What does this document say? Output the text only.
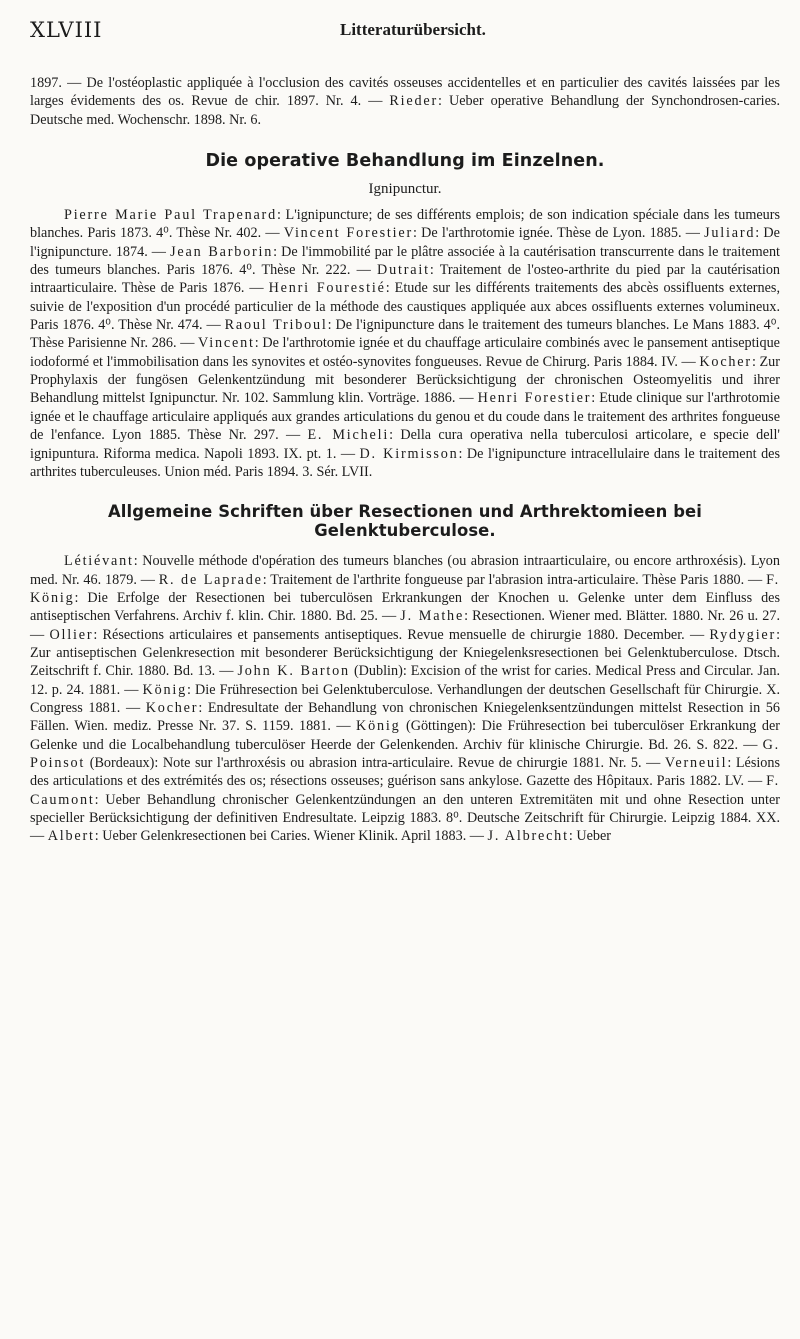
XLVIII	Litteraturübersicht.

1897. — De l'ostéoplastic appliquée à l'occlusion des cavités osseuses accidentelles et en particulier des cavités laissées par les larges évidements des os. Revue de chir. 1897. Nr. 4. — Rieder: Ueber operative Behandlung der Synchondrosen-caries. Deutsche med. Wochenschr. 1898. Nr. 6.

Die operative Behandlung im Einzelnen.
Ignipunctur.

Pierre Marie Paul Trapenard: L'ignipuncture; de ses différents emplois; de son indication spéciale dans les tumeurs blanches. Paris 1873. 4⁰. Thèse Nr. 402. — Vincent Forestier: De l'arthrotomie ignée. Thèse de Lyon. 1885. — Juliard: De l'ignipuncture. 1874. — Jean Barborin: De l'immobilité par le plâtre associée à la cautérisation transcurrente dans le traitement des tumeurs blanches. Paris 1876. 4⁰. Thèse Nr. 222. — Dutrait: Traitement de l'osteo-arthrite du pied par la cautérisation intraarticulaire. Thèse de Paris 1876. — Henri Fourestié: Etude sur les différents traitements des abcès ossifluents externes, suivie de l'exposition d'un procédé particulier de la méthode des caustiques appliquée aux abces ossifluents externes volumineux. Paris 1876. 4⁰. Thèse Nr. 474. — Raoul Triboul: De l'ignipuncture dans le traitement des tumeurs blanches. Le Mans 1883. 4⁰. Thèse Parisienne Nr. 286. — Vincent: De l'arthrotomie ignée et du chauffage articulaire combinés avec le pansement antiseptique iodoformé et l'immobilisation dans les synovites et ostéo-synovites fongueuses. Revue de Chirurg. Paris 1884. IV. — Kocher: Zur Prophylaxis der fungösen Gelenkentzündung mit besonderer Berücksichtigung der chronischen Osteomyelitis und ihrer Behandlung mittelst Ignipunctur. Nr. 102. Sammlung klin. Vorträge. 1886. — Henri Forestier: Etude clinique sur l'arthrotomie ignée et le chauffage articulaire appliqués aux grandes articulations du genou et du coude dans le traitement des arthrites fongueuse de l'enfance. Lyon 1885. Thèse Nr. 297. — E. Micheli: Della cura operativa nella tuberculosi articolare, e specie dell' ignipuntura. Riforma medica. Napoli 1893. IX. pt. 1. — D. Kirmisson: De l'ignipuncture intracellulaire dans le traitement des arthrites tuberculeuses. Union méd. Paris 1894. 3. Sér. LVII.

Allgemeine Schriften über Resectionen und Arthrektomieen bei Gelenktuberculose.

Létiévant: Nouvelle méthode d'opération des tumeurs blanches (ou abrasion intraarticulaire, ou encore arthroxésis). Lyon med. Nr. 46. 1879. — R. de Laprade: Traitement de l'arthrite fongueuse par l'abrasion intra-articulaire. Thèse Paris 1880. — F. König: Die Erfolge der Resectionen bei tuberculösen Erkrankungen der Knochen u. Gelenke unter dem Einfluss des antiseptischen Verfahrens. Archiv f. klin. Chir. 1880. Bd. 25. — J. Mathe: Resectionen. Wiener med. Blätter. 1880. Nr. 26 u. 27. — Ollier: Résections articulaires et pansements antiseptiques. Revue mensuelle de chirurgie 1880. December. — Rydygier: Zur antiseptischen Gelenkresection mit besonderer Berücksichtigung der Kniegelenksresectionen bei Gelenktuberculose. Dtsch. Zeitschrift f. Chir. 1880. Bd. 13. — John K. Barton (Dublin): Excision of the wrist for caries. Medical Press and Circular. Jan. 12. p. 24. 1881. — König: Die Frühresection bei Gelenktuberculose. Verhandlungen der deutschen Gesellschaft für Chirurgie. X. Congress 1881. — Kocher: Endresultate der Behandlung von chronischen Kniegelenksentzündungen mittelst Resection in 56 Fällen. Wien. mediz. Presse Nr. 37. S. 1159. 1881. — König (Göttingen): Die Frühresection bei tuberculöser Erkrankung der Gelenke und die Localbehandlung tuberculöser Heerde der Gelenkenden. Archiv für klinische Chirurgie. Bd. 26. S. 822. — G. Poinsot (Bordeaux): Note sur l'arthroxésis ou abrasion intra-articulaire. Revue de chirurgie 1881. Nr. 5. — Verneuil: Lésions des articulations et des extrémités des os; résections osseuses; guérison sans ankylose. Gazette des Hôpitaux. Paris 1882. LV. — F. Caumont: Ueber Behandlung chronischer Gelenkentzündungen an den unteren Extremitäten mit und ohne Resection unter specieller Berücksichtigung der definitiven Endresultate. Leipzig 1883. 8⁰. Deutsche Zeitschrift für Chirurgie. Leipzig 1884. XX. — Albert: Ueber Gelenkresectionen bei Caries. Wiener Klinik. April 1883. — J. Albrecht: Ueber
